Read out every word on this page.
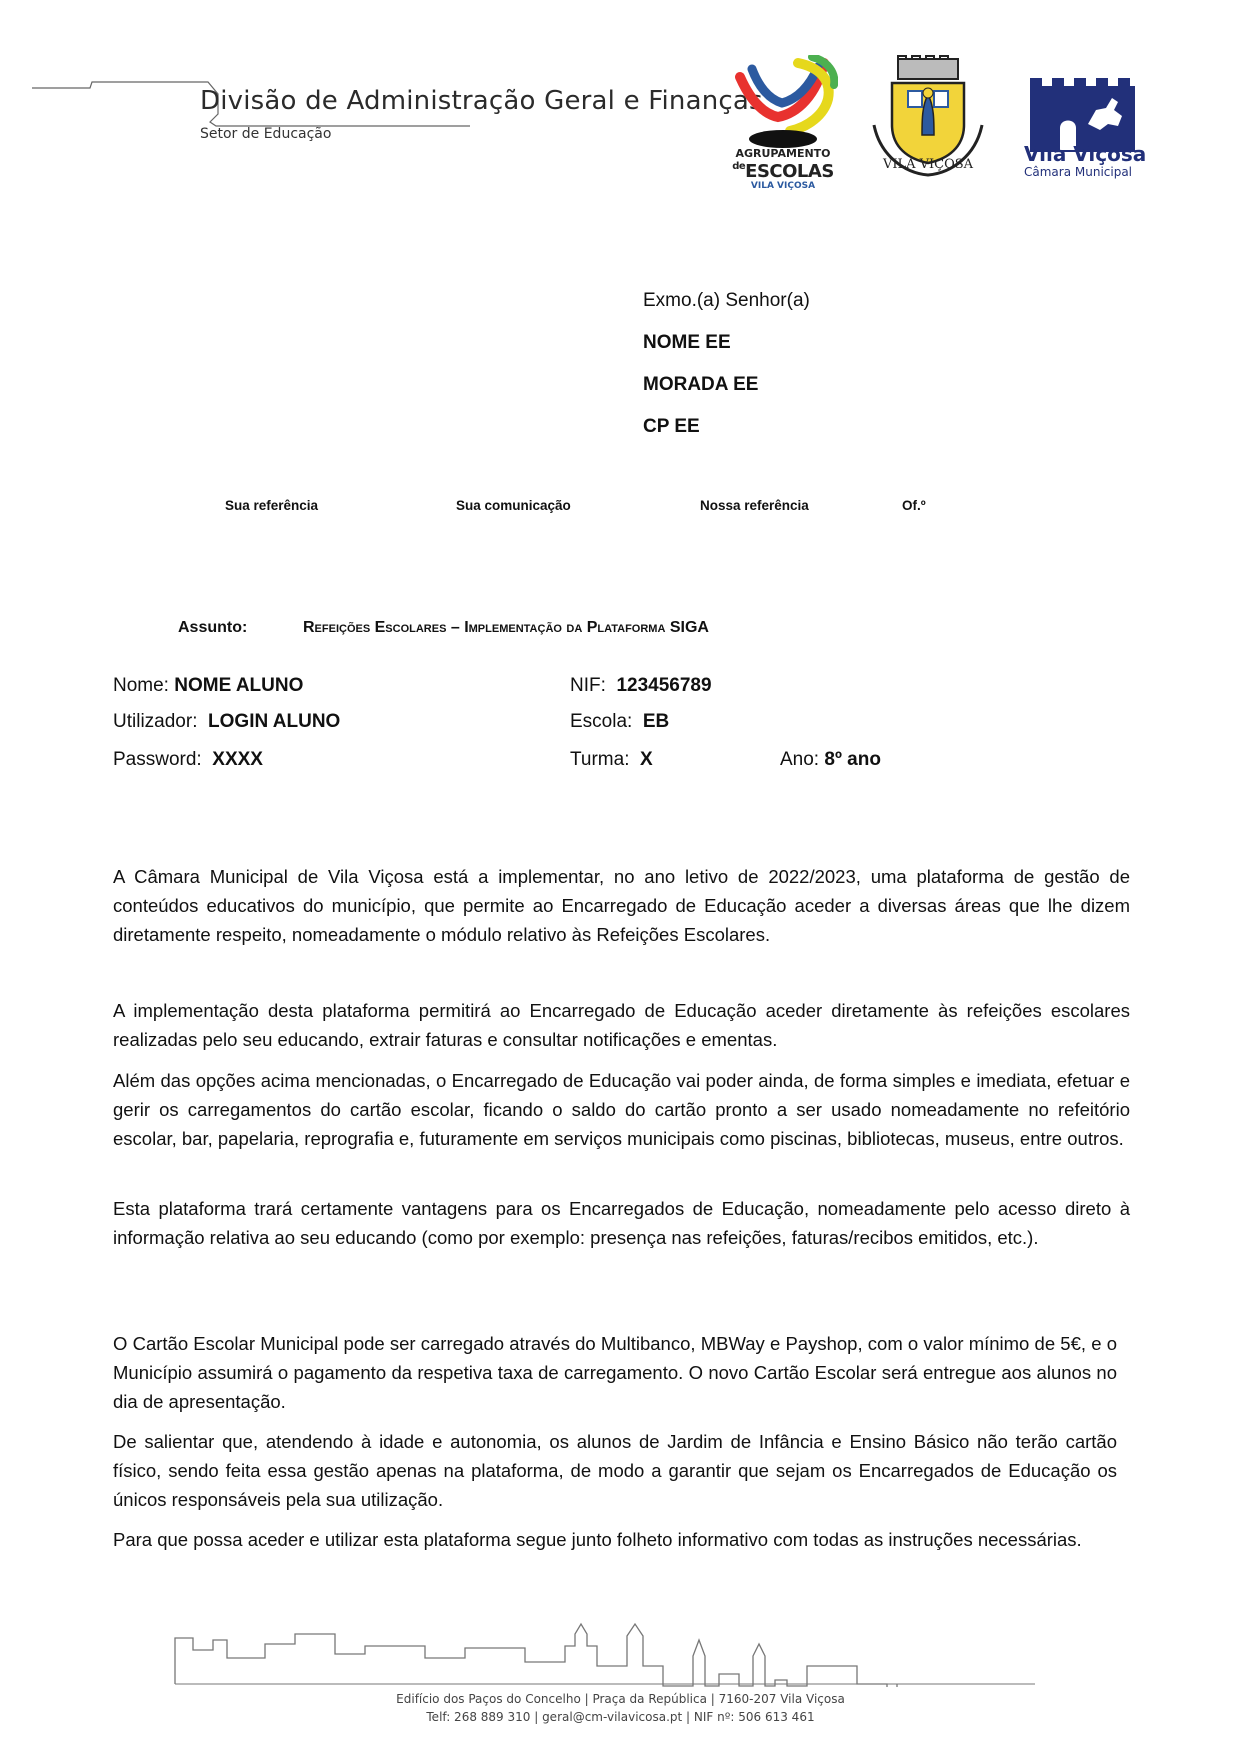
Divisão de Administração Geral e Finanças
Setor de Educação
AGRUPAMENTO
$^{de}$ESCOLAS
VILA VIÇOSA
VILA VIÇOSA	Vila Viçosa
Câmara Municipal
Exmo.(a) Senhor(a)
NOME EE
MORADA EE
CP EE
Sua referência	Sua comunicação	Nossa referência	Of.º
Assunto:	Refeições Escolares – Implementação da Plataforma SIGA
Nome: NOME ALUNO
Utilizador: LOGIN ALUNO
Password: XXXX
NIF: 123456789
Escola: EB
Turma: X	Ano: 8º ano
A Câmara Municipal de Vila Viçosa está a implementar, no ano letivo de 2022/2023, uma plataforma de gestão de conteúdos educativos do município, que permite ao Encarregado de Educação aceder a diversas áreas que lhe dizem diretamente respeito, nomeadamente o módulo relativo às Refeições Escolares.
A implementação desta plataforma permitirá ao Encarregado de Educação aceder diretamente às refeições escolares realizadas pelo seu educando, extrair faturas e consultar notificações e ementas.
Além das opções acima mencionadas, o Encarregado de Educação vai poder ainda, de forma simples e imediata, efetuar e gerir os carregamentos do cartão escolar, ficando o saldo do cartão pronto a ser usado nomeadamente no refeitório escolar, bar, papelaria, reprografia e, futuramente em serviços municipais como piscinas, bibliotecas, museus, entre outros.
Esta plataforma trará certamente vantagens para os Encarregados de Educação, nomeadamente pelo acesso direto à informação relativa ao seu educando (como por exemplo: presença nas refeições, faturas/recibos emitidos, etc.).
O Cartão Escolar Municipal pode ser carregado através do Multibanco, MBWay e Payshop, com o valor mínimo de 5€, e o Município assumirá o pagamento da respetiva taxa de carregamento. O novo Cartão Escolar será entregue aos alunos no dia de apresentação.
De salientar que, atendendo à idade e autonomia, os alunos de Jardim de Infância e Ensino Básico não terão cartão físico, sendo feita essa gestão apenas na plataforma, de modo a garantir que sejam os Encarregados de Educação os únicos responsáveis pela sua utilização.
Para que possa aceder e utilizar esta plataforma segue junto folheto informativo com todas as instruções necessárias.
Edifício dos Paços do Concelho | Praça da República | 7160-207 Vila Viçosa
Telf: 268 889 310 | geral@cm-vilavicosa.pt | NIF nº: 506 613 461
